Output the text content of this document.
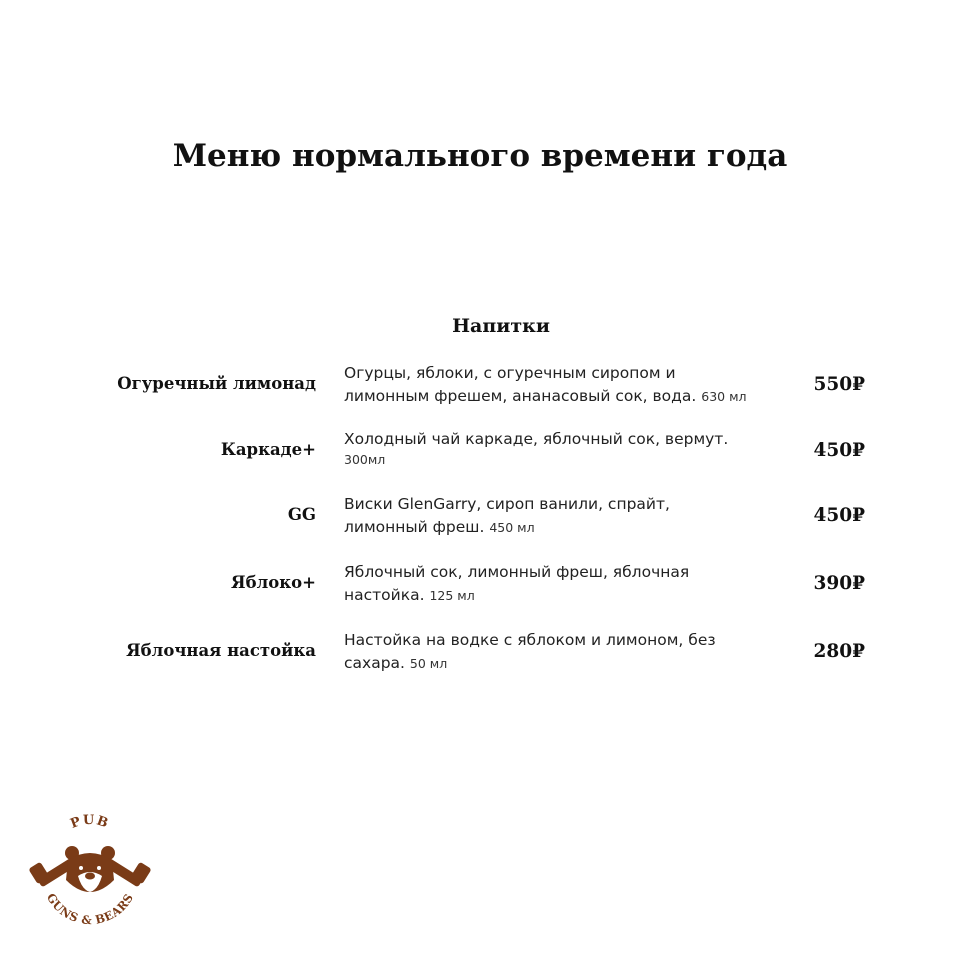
Меню нормального времени года
Напитки
Огуречный лимонад
Огурцы, яблоки, с огуречным сиропом и
лимонным фрешем, ананасовый сок, вода. 630 мл
550₽
Каркаде+
Холодный чай каркаде, яблочный сок, вермут.
300мл	450₽
GG
Виски GlenGarry, сироп ванили, спрайт,
лимонный фреш. 450 мл
450₽
Яблоко+
Яблочный сок, лимонный фреш, яблочная
настойка. 125 мл
390₽
Яблочная настойка
Настойка на водке с яблоком и лимоном, без
сахара. 50 мл
280₽
PUB
GUNS & BEARS
